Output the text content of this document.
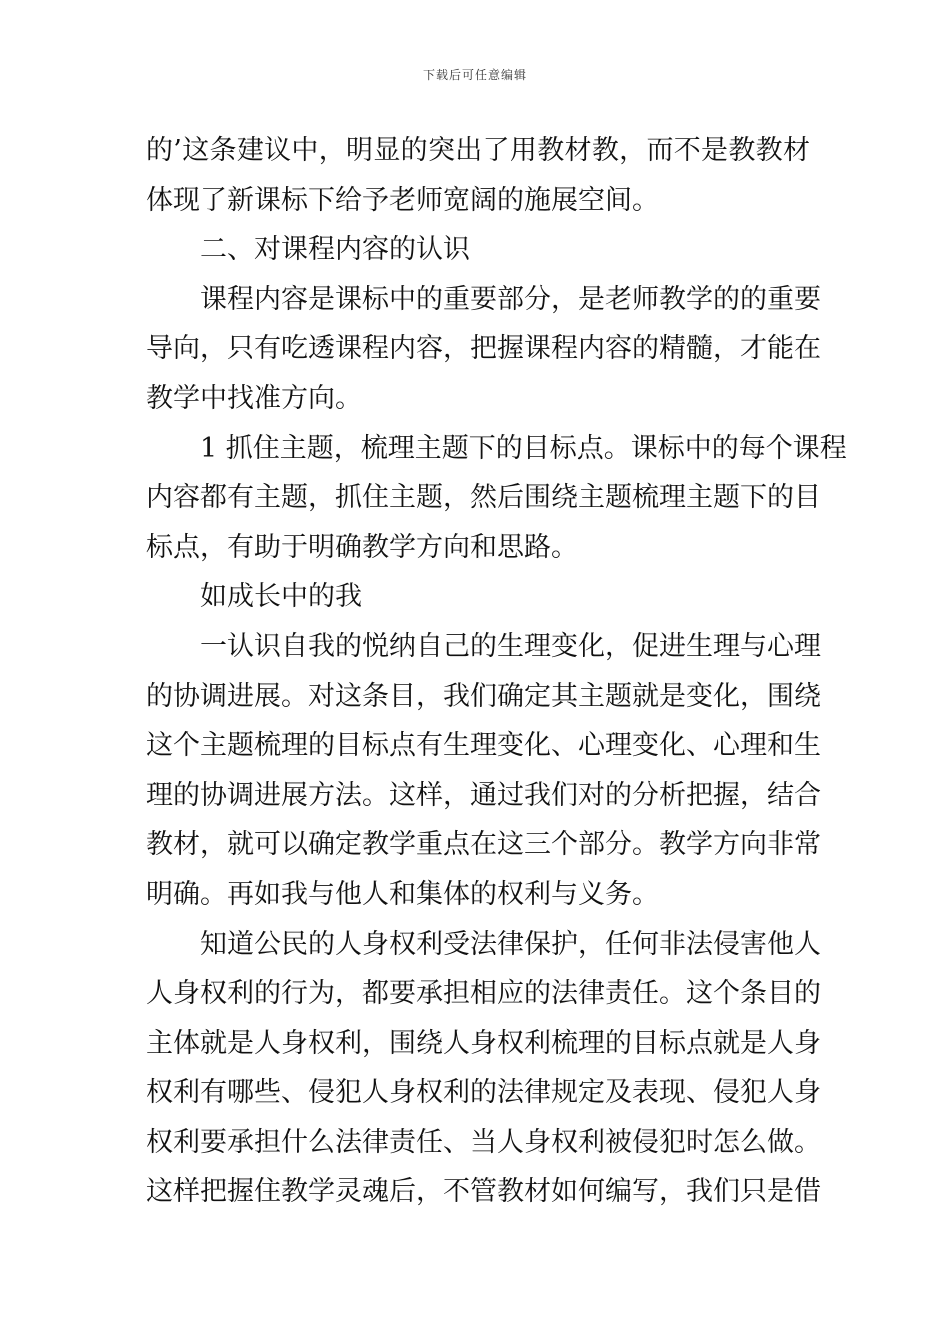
下载后可任意编辑
的’这条建议中，明显的突出了用教材教，而不是教教材
体现了新课标下给予老师宽阔的施展空间。
二、对课程内容的认识
课程内容是课标中的重要部分，是老师教学的的重要
导向，只有吃透课程内容，把握课程内容的精髓，才能在
教学中找准方向。
1 抓住主题，梳理主题下的目标点。课标中的每个课程
内容都有主题，抓住主题，然后围绕主题梳理主题下的目
标点，有助于明确教学方向和思路。
如成长中的我
一认识自我的悦纳自己的生理变化，促进生理与心理
的协调进展。对这条目，我们确定其主题就是变化，围绕
这个主题梳理的目标点有生理变化、心理变化、心理和生
理的协调进展方法。这样，通过我们对的分析把握，结合
教材，就可以确定教学重点在这三个部分。教学方向非常
明确。再如我与他人和集体的权利与义务。
知道公民的人身权利受法律保护，任何非法侵害他人
人身权利的行为，都要承担相应的法律责任。这个条目的
主体就是人身权利，围绕人身权利梳理的目标点就是人身
权利有哪些、侵犯人身权利的法律规定及表现、侵犯人身
权利要承担什么法律责任、当人身权利被侵犯时怎么做。
这样把握住教学灵魂后，不管教材如何编写，我们只是借
